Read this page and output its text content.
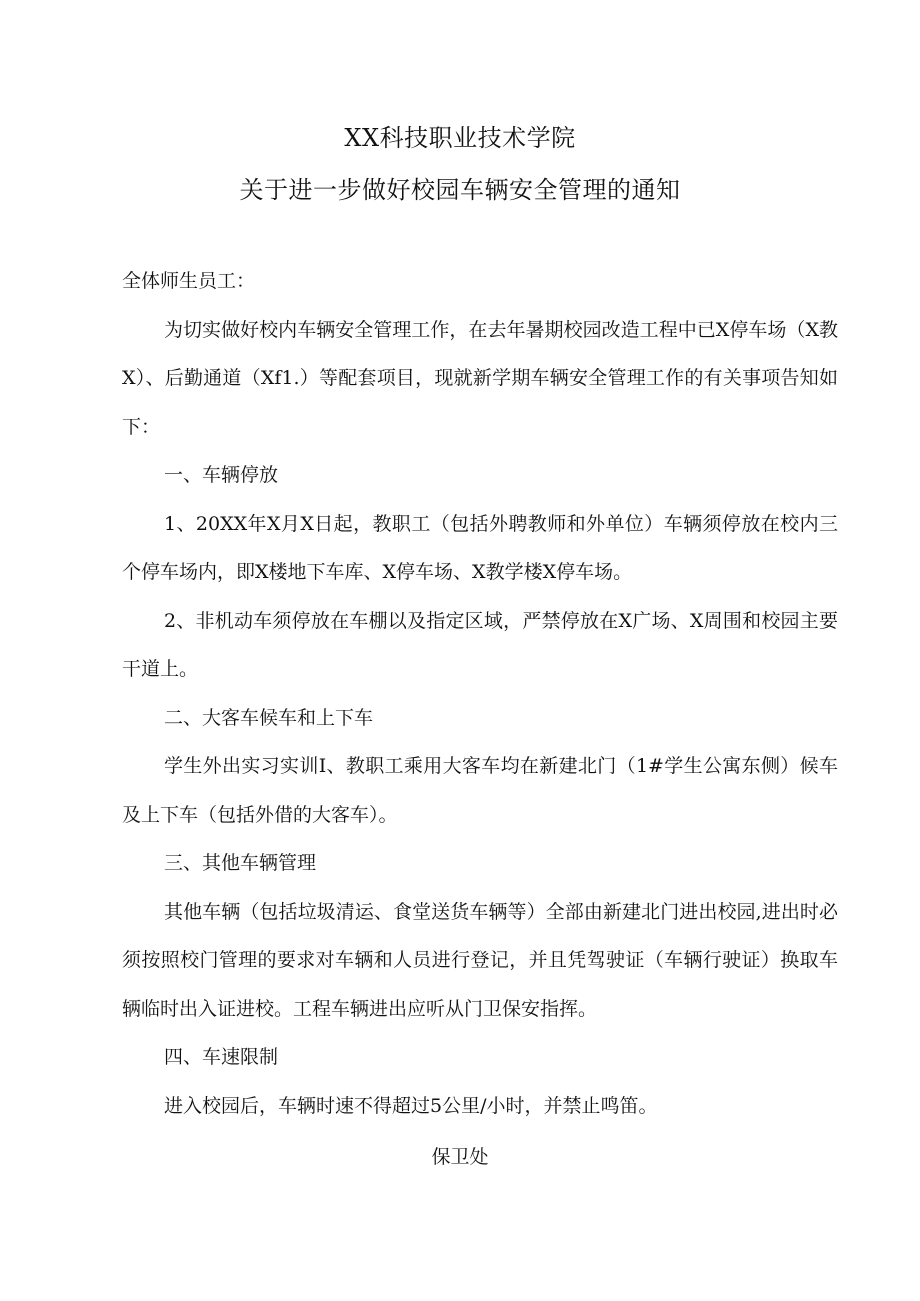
XX科技职业技术学院
关于进一步做好校园车辆安全管理的通知

全体师生员工：

为切实做好校内车辆安全管理工作，在去年暑期校园改造工程中已X停车场（X教X）、后勤通道（Xf1.）等配套项目，现就新学期车辆安全管理工作的有关事项告知如下：

一、车辆停放

1、20XX年X月X日起，教职工（包括外聘教师和外单位）车辆须停放在校内三个停车场内，即X楼地下车库、X停车场、X教学楼X停车场。

2、非机动车须停放在车棚以及指定区域，严禁停放在X广场、X周围和校园主要干道上。

二、大客车候车和上下车

学生外出实习实训I、教职工乘用大客车均在新建北门（1#学生公寓东侧）候车及上下车（包括外借的大客车）。

三、其他车辆管理

其他车辆（包括垃圾清运、食堂送货车辆等）全部由新建北门进出校园,进出时必须按照校门管理的要求对车辆和人员进行登记，并且凭驾驶证（车辆行驶证）换取车辆临时出入证进校。工程车辆进出应听从门卫保安指挥。

四、车速限制

进入校园后，车辆时速不得超过5公里/小时，并禁止鸣笛。

保卫处
